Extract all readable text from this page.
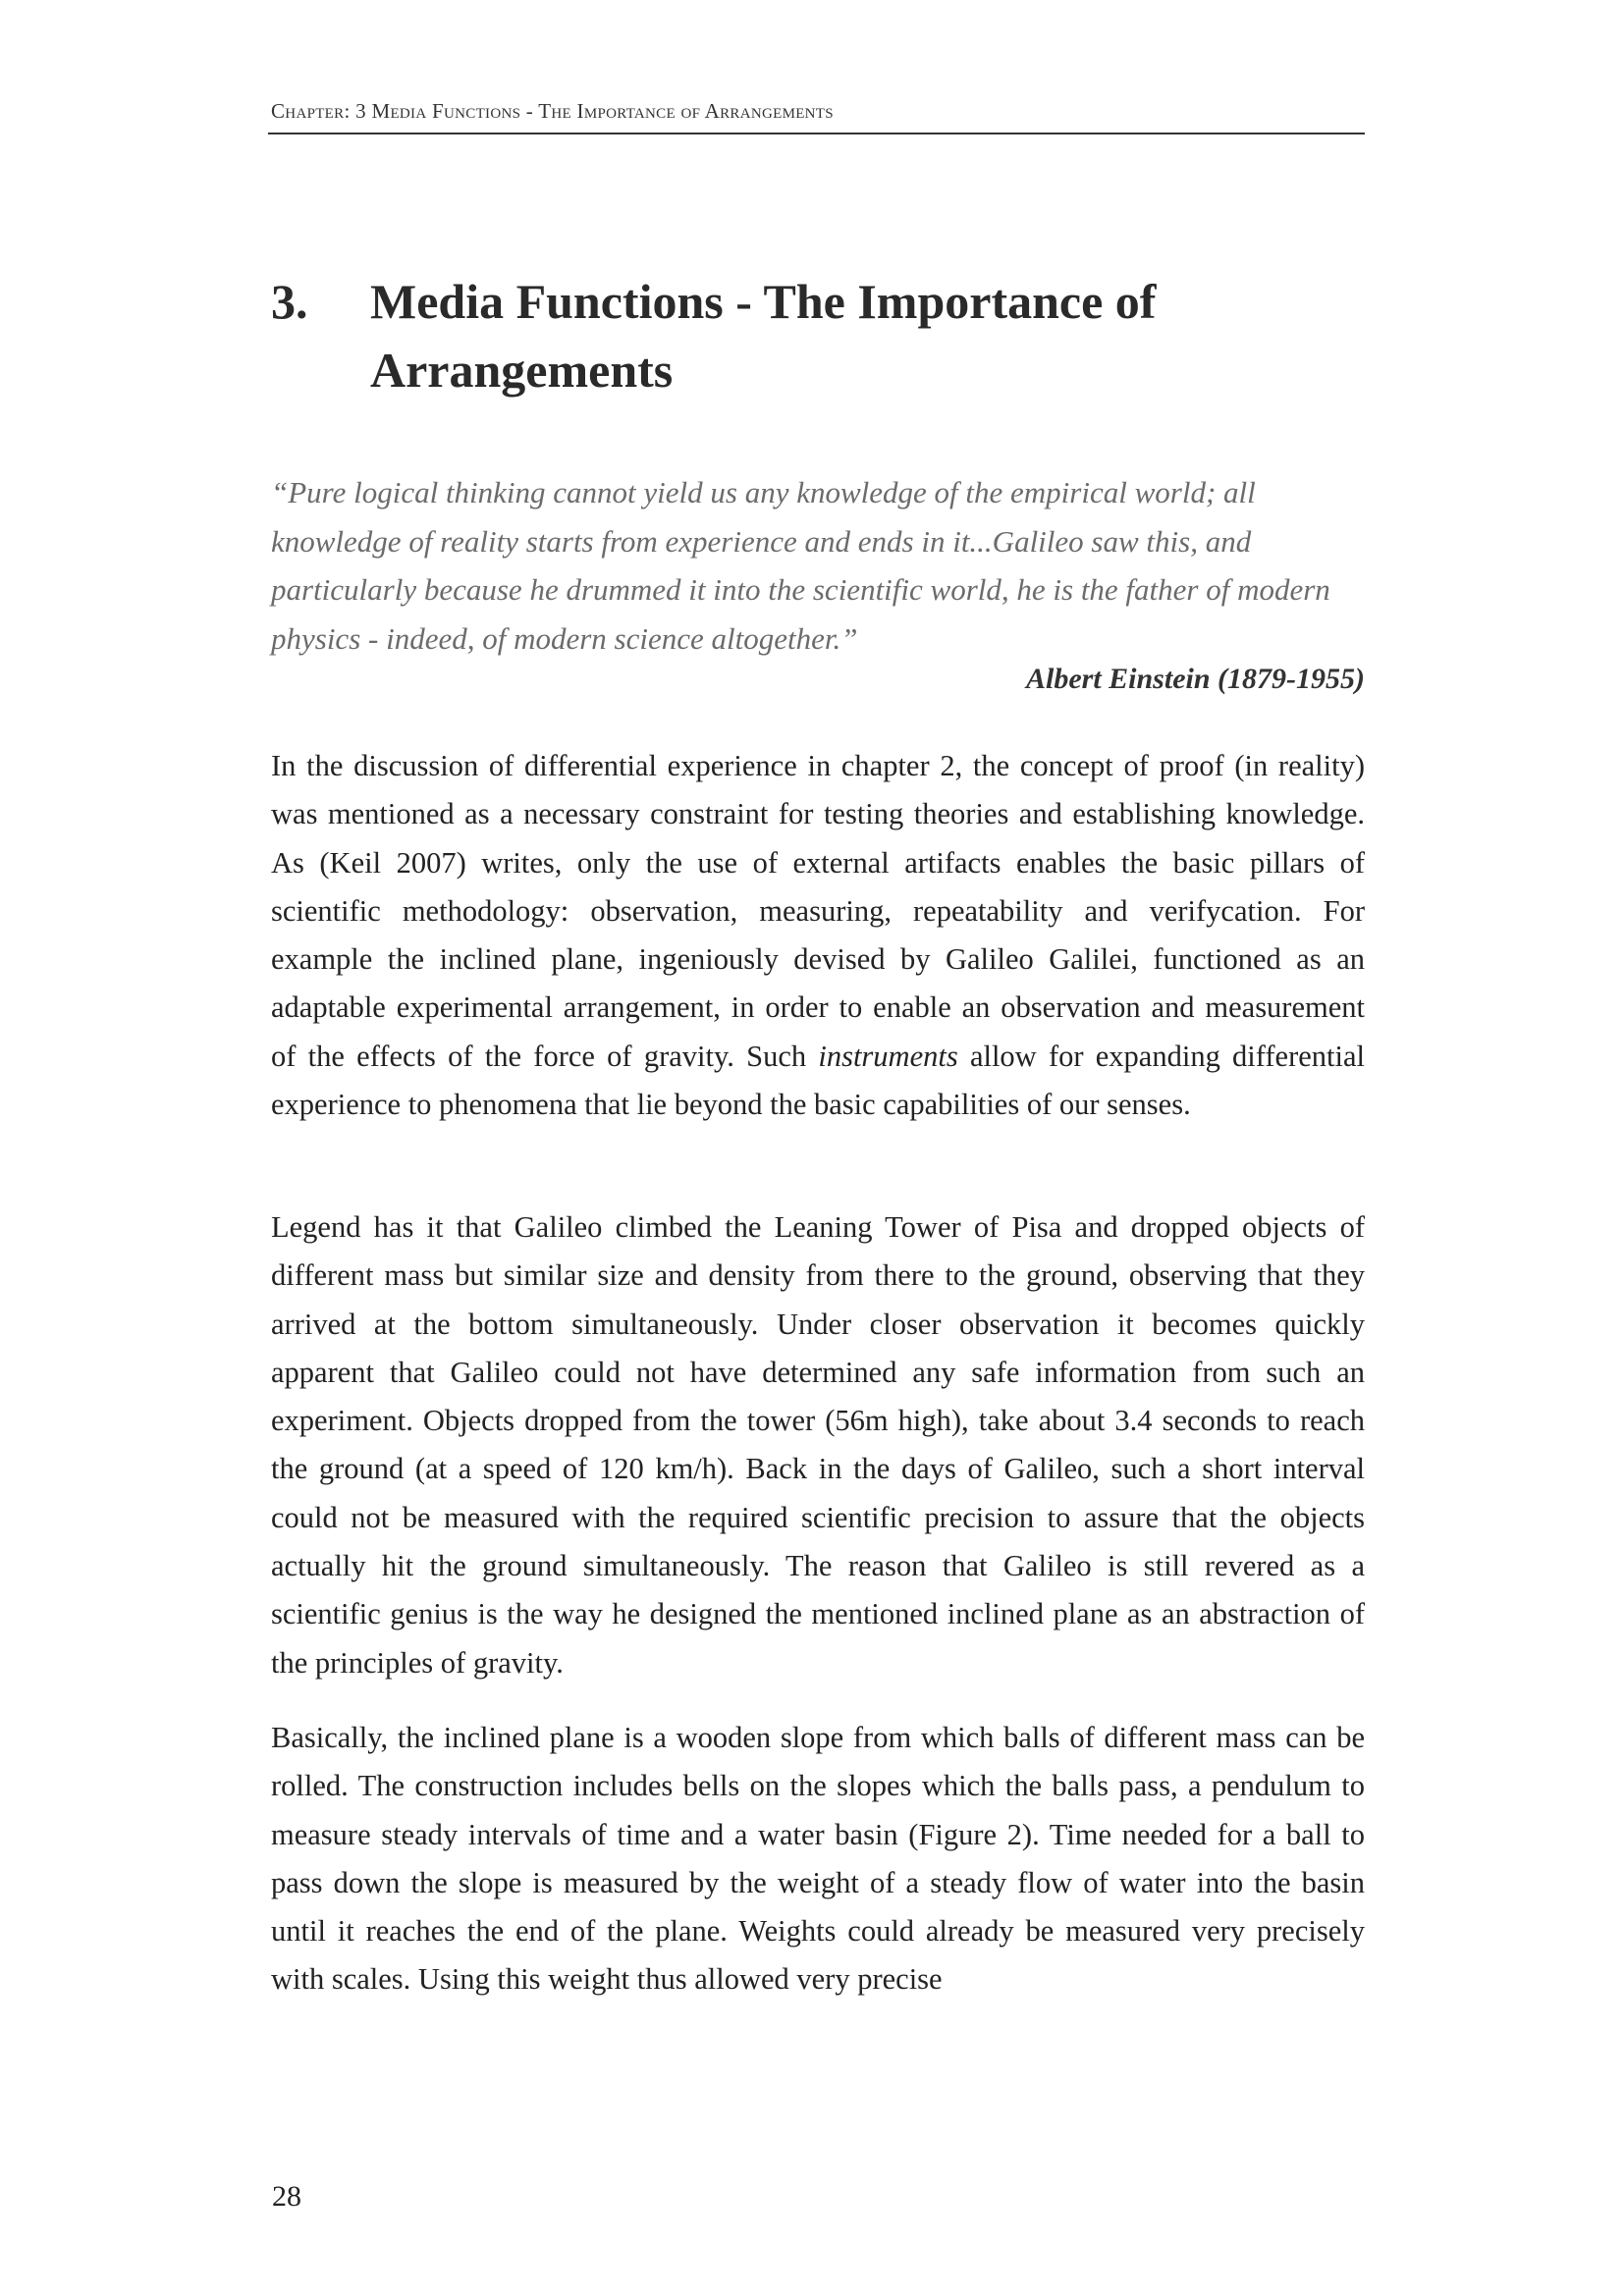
Chapter: 3 Media Functions - The Importance of Arrangements
3.	Media Functions - The Importance of Arrangements
“Pure logical thinking cannot yield us any knowledge of the empirical world; all knowledge of reality starts from experience and ends in it...Galileo saw this, and particularly because he drummed it into the scientific world, he is the father of modern physics - indeed, of modern science altogether.”
Albert Einstein (1879-1955)

In the discussion of differential experience in chapter 2, the concept of proof (in reality) was mentioned as a necessary constraint for testing theories and establishing knowledge. As (Keil 2007) writes, only the use of external artifacts enables the basic pillars of scientific methodology: observation, measuring, repeatability and verifycation. For example the inclined plane, ingeniously devised by Galileo Galilei, functioned as an adaptable experimental arrangement, in order to enable an observation and measurement of the effects of the force of gravity. Such instruments allow for expanding differential experience to phenomena that lie beyond the basic capabilities of our senses.

Legend has it that Galileo climbed the Leaning Tower of Pisa and dropped objects of different mass but similar size and density from there to the ground, observing that they arrived at the bottom simultaneously. Under closer observation it becomes quickly apparent that Galileo could not have determined any safe information from such an experiment. Objects dropped from the tower (56m high), take about 3.4 seconds to reach the ground (at a speed of 120 km/h). Back in the days of Galileo, such a short interval could not be measured with the required scientific precision to assure that the objects actually hit the ground simultaneously. The reason that Galileo is still revered as a scientific genius is the way he designed the mentioned inclined plane as an abstraction of the principles of gravity.

Basically, the inclined plane is a wooden slope from which balls of different mass can be rolled. The construction includes bells on the slopes which the balls pass, a pendulum to measure steady intervals of time and a water basin (Figure 2). Time needed for a ball to pass down the slope is measured by the weight of a steady flow of water into the basin until it reaches the end of the plane. Weights could already be measured very precisely with scales. Using this weight thus allowed very precise

28
